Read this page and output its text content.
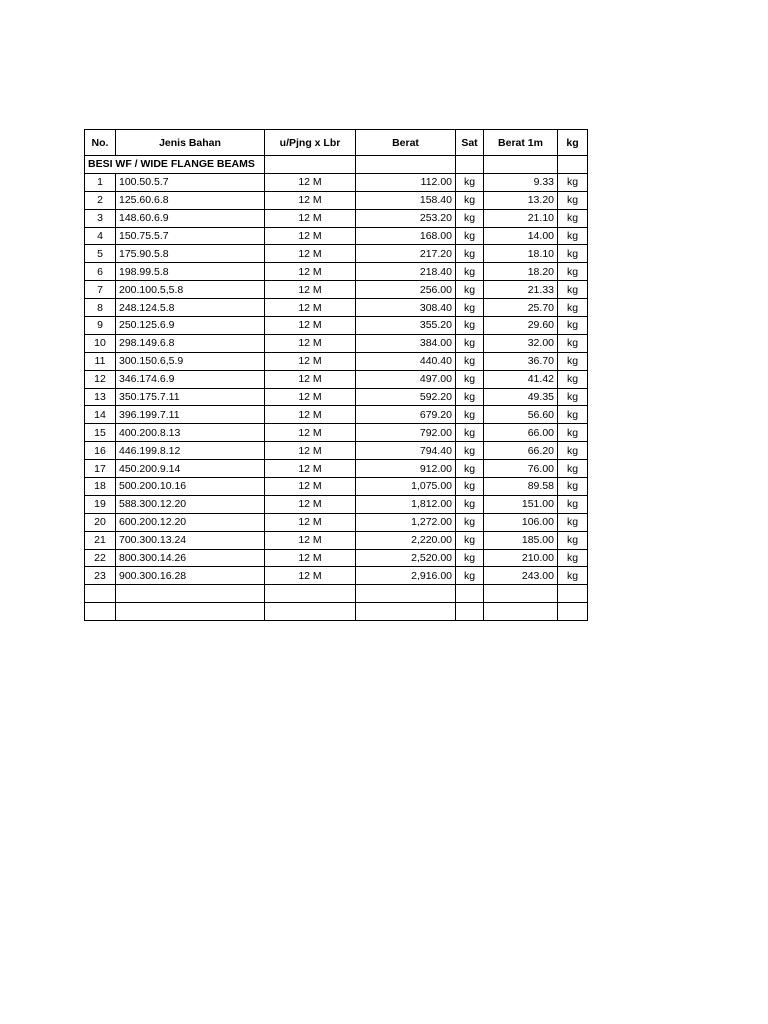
No.	Jenis Bahan	u/Pjng x Lbr	Berat	Sat	Berat 1m	kg
BESI WF / WIDE FLANGE BEAMS						
1	100.50.5.7	12 M	112.00	kg	9.33	kg
2	125.60.6.8	12 M	158.40	kg	13.20	kg
3	148.60.6.9	12 M	253.20	kg	21.10	kg
4	150.75.5.7	12 M	168.00	kg	14.00	kg
5	175.90.5.8	12 M	217.20	kg	18.10	kg
6	198.99.5.8	12 M	218.40	kg	18.20	kg
7	200.100.5,5.8	12 M	256.00	kg	21.33	kg
8	248.124.5.8	12 M	308.40	kg	25.70	kg
9	250.125.6.9	12 M	355.20	kg	29.60	kg
10	298.149.6.8	12 M	384.00	kg	32.00	kg
11	300.150.6,5.9	12 M	440.40	kg	36.70	kg
12	346.174.6.9	12 M	497.00	kg	41.42	kg
13	350.175.7.11	12 M	592.20	kg	49.35	kg
14	396.199.7.11	12 M	679.20	kg	56.60	kg
15	400.200.8.13	12 M	792.00	kg	66.00	kg
16	446.199.8.12	12 M	794.40	kg	66.20	kg
17	450.200.9.14	12 M	912.00	kg	76.00	kg
18	500.200.10.16	12 M	1,075.00	kg	89.58	kg
19	588.300.12.20	12 M	1,812.00	kg	151.00	kg
20	600.200.12.20	12 M	1,272.00	kg	106.00	kg
21	700.300.13.24	12 M	2,220.00	kg	185.00	kg
22	800.300.14.26	12 M	2,520.00	kg	210.00	kg
23	900.300.16.28	12 M	2,916.00	kg	243.00	kg
